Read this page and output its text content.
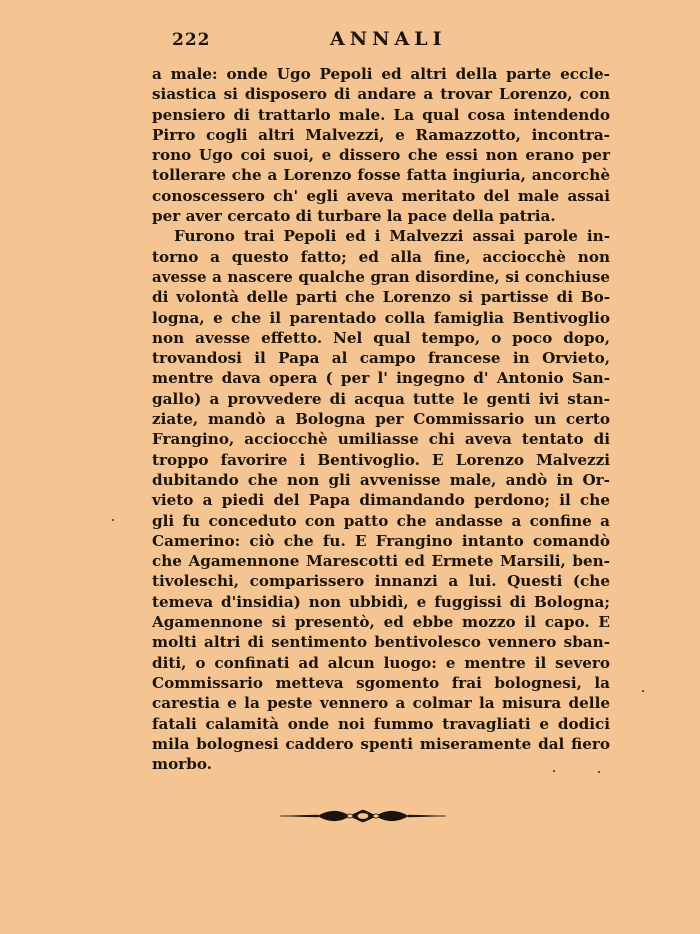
222	ANNALI
a male: onde Ugo Pepoli ed altri della parte eccle-
siastica si disposero di andare a trovar Lorenzo, con
pensiero di trattarlo male. La qual cosa intendendo
Pirro cogli altri Malvezzi, e Ramazzotto, incontra-
rono Ugo coi suoi, e dissero che essi non erano per
tollerare che a Lorenzo fosse fatta ingiuria, ancorchè
conoscessero ch' egli aveva meritato del male assai
per aver cercato di turbare la pace della patria.
Furono trai Pepoli ed i Malvezzi assai parole in-
torno a questo fatto; ed alla fine, acciocchè non
avesse a nascere qualche gran disordine, si conchiuse
di volontà delle parti che Lorenzo si partisse di Bo-
logna, e che il parentado colla famiglia Bentivoglio
non avesse effetto. Nel qual tempo, o poco dopo,
trovandosi il Papa al campo francese in Orvieto,
mentre dava opera ( per l' ingegno d' Antonio San-
gallo) a provvedere di acqua tutte le genti ivi stan-
ziate, mandò a Bologna per Commissario un certo
Frangino, acciocchè umiliasse chi aveva tentato di
troppo favorire i Bentivoglio. E Lorenzo Malvezzi
dubitando che non gli avvenisse male, andò in Or-
vieto a piedi del Papa dimandando perdono; il che
gli fu conceduto con patto che andasse a confine a
Camerino: ciò che fu. E Frangino intanto comandò
che Agamennone Marescotti ed Ermete Marsili, ben-
tivoleschi, comparissero innanzi a lui. Questi (che
temeva d'insidia) non ubbidì, e fuggissi di Bologna;
Agamennone si presentò, ed ebbe mozzo il capo. E
molti altri di sentimento bentivolesco vennero sban-
diti, o confinati ad alcun luogo: e mentre il severo
Commissario metteva sgomento frai bolognesi, la
carestia e la peste vennero a colmar la misura delle
fatali calamità onde noi fummo travagliati e dodici
mila bolognesi caddero spenti miseramente dal fiero
morbo.
